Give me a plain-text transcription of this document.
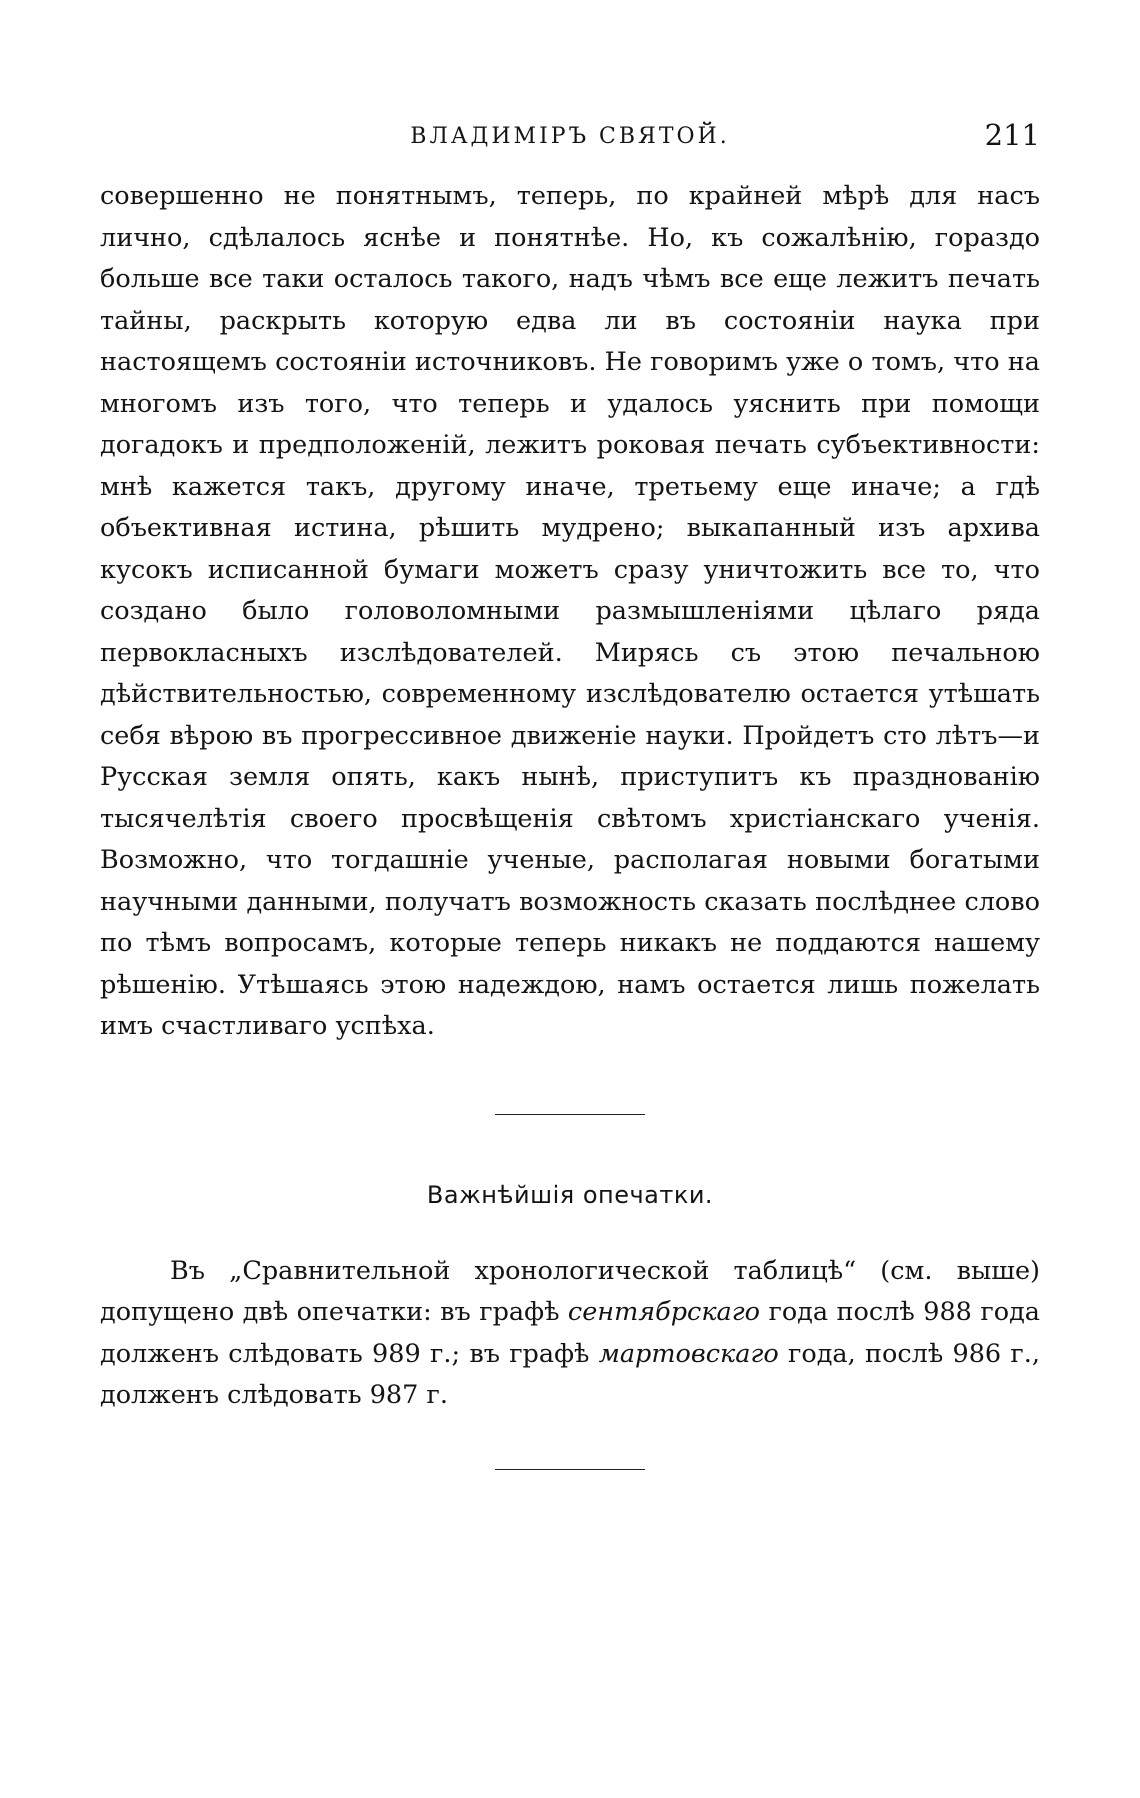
ВЛАДИМІРЪ СВЯТОЙ.	211

совершенно не понятнымъ, теперь, по крайней мѣрѣ для насъ лично, сдѣлалось яснѣе и понятнѣе. Но, къ сожалѣнію, гораздо больше все таки осталось такого, надъ чѣмъ все еще лежитъ печать тайны, раскрыть которую едва ли въ состояніи наука при настоящемъ состояніи источниковъ. Не говоримъ уже о томъ, что на многомъ изъ того, что теперь и удалось уяснить при помощи догадокъ и предположеній, лежитъ роковая печать субъективности: мнѣ кажется такъ, другому иначе, третьему еще иначе; а гдѣ объективная истина, рѣшить мудрено; выкапанный изъ архива кусокъ исписанной бумаги можетъ сразу уничтожить все то, что создано было головоломными размышленіями цѣлаго ряда первокласныхъ изслѣдователей. Мирясь съ этою печальною дѣйствительностью, современному изслѣдователю остается утѣшать себя вѣрою въ прогрессивное движеніе науки. Пройдетъ сто лѣтъ—и Русская земля опять, какъ нынѣ, приступитъ къ празднованію тысячелѣтія своего просвѣщенія свѣтомъ христіанскаго ученія. Возможно, что тогдашніе ученые, располагая новыми богатыми научными данными, получатъ возможность сказать послѣднее слово по тѣмъ вопросамъ, которые теперь никакъ не поддаются нашему рѣшенію. Утѣшаясь этою надеждою, намъ остается лишь пожелать имъ счастливаго успѣха.

Важнѣйшія опечатки.

Въ „Сравнительной хронологической таблицѣ“ (см. выше) допущено двѣ опечатки: въ графѣ сентябрскаго года послѣ 988 года долженъ слѣдовать 989 г.; въ графѣ мартовскаго года, послѣ 986 г., долженъ слѣдовать 987 г.
